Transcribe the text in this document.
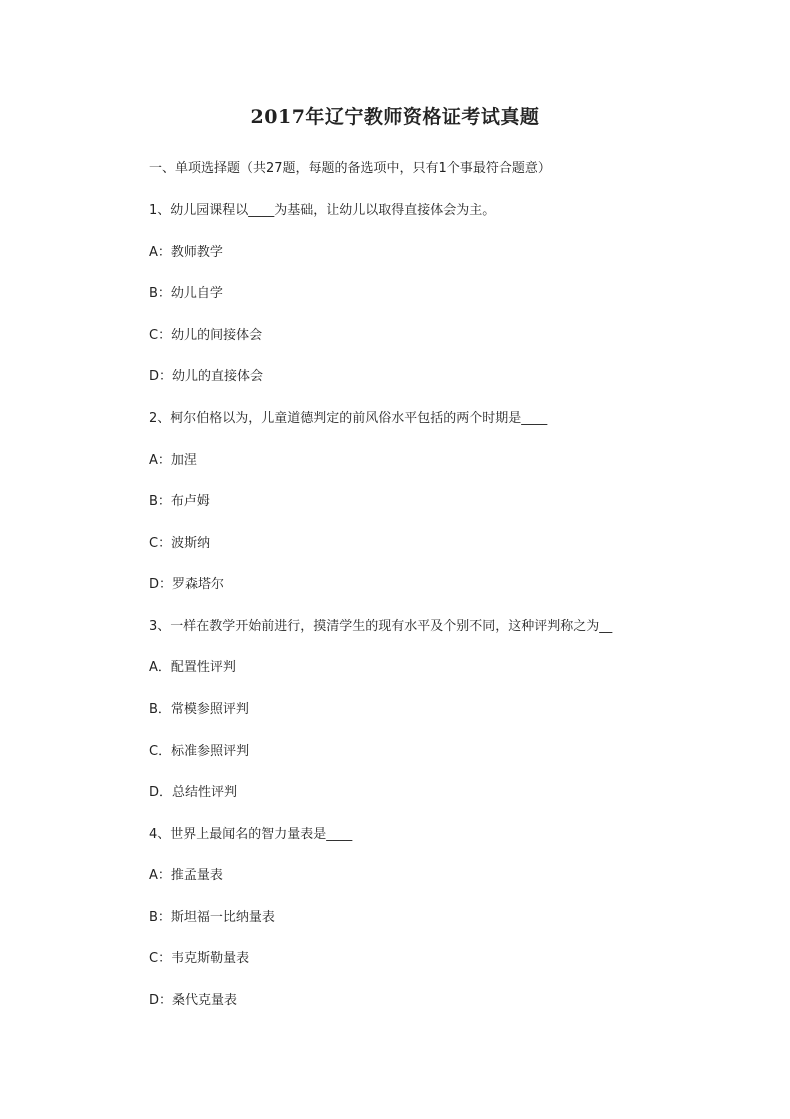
2017年辽宁教师资格证考试真题
一、单项选择题（共27题，每题的备选项中，只有1个事最符合题意）
1、幼儿园课程以____为基础，让幼儿以取得直接体会为主。
A：教师教学
B：幼儿自学
C：幼儿的间接体会
D：幼儿的直接体会
2、柯尔伯格以为，儿童道德判定的前风俗水平包括的两个时期是____
A：加涅
B：布卢姆
C：波斯纳
D：罗森塔尔
3、一样在教学开始前进行，摸清学生的现有水平及个别不同，这种评判称之为__
A．配置性评判
B．常模参照评判
C．标准参照评判
D．总结性评判
4、世界上最闻名的智力量表是____
A：推孟量表
B：斯坦福一比纳量表
C：韦克斯勒量表
D：桑代克量表
